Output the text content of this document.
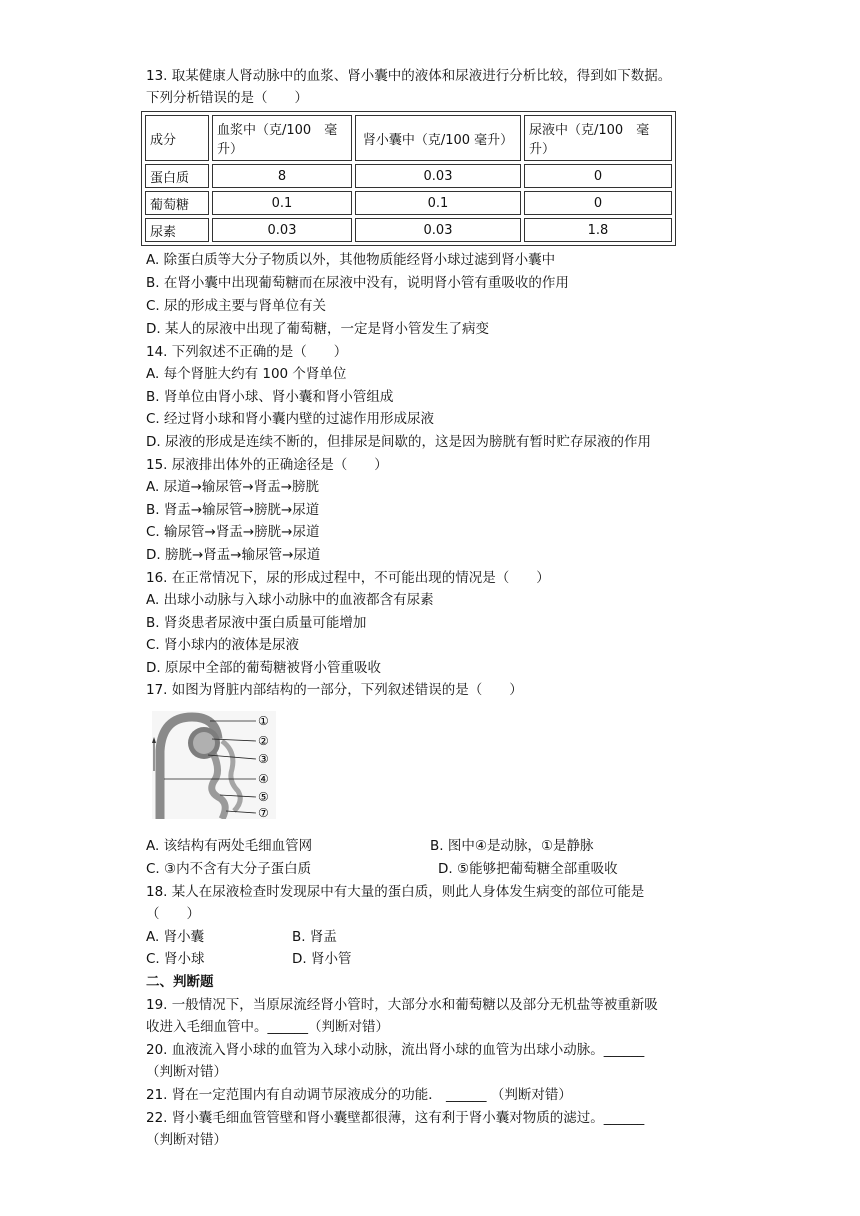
13. 取某健康人肾动脉中的血浆、肾小囊中的液体和尿液进行分析比较，得到如下数据。
下列分析错误的是（　　）
成分	血浆中（克/100　毫
升）	肾小囊中（克/100 毫升）	尿液中（克/100　毫升）
蛋白质	8	0.03	0
葡萄糖	0.1	0.1	0
尿素	0.03	0.03	1.8
A. 除蛋白质等大分子物质以外，其他物质能经肾小球过滤到肾小囊中
B. 在肾小囊中出现葡萄糖而在尿液中没有，说明肾小管有重吸收的作用
C. 尿的形成主要与肾单位有关
D. 某人的尿液中出现了葡萄糖，一定是肾小管发生了病变
14. 下列叙述不正确的是（　　）
A. 每个肾脏大约有 100 个肾单位
B. 肾单位由肾小球、肾小囊和肾小管组成
C. 经过肾小球和肾小囊内壁的过滤作用形成尿液
D. 尿液的形成是连续不断的，但排尿是间歇的，这是因为膀胱有暂时贮存尿液的作用
15. 尿液排出体外的正确途径是（　　）
A. 尿道→输尿管→肾盂→膀胱
B. 肾盂→输尿管→膀胱→尿道
C. 输尿管→肾盂→膀胱→尿道
D. 膀胱→肾盂→输尿管→尿道
16. 在正常情况下，尿的形成过程中，不可能出现的情况是（　　）
A. 出球小动脉与入球小动脉中的血液都含有尿素
B. 肾炎患者尿液中蛋白质量可能增加
C. 肾小球内的液体是尿液
D. 原尿中全部的葡萄糖被肾小管重吸收
17. 如图为肾脏内部结构的一部分，下列叙述错误的是（　　）
①
②
③
④
⑤
⑦
A. 该结构有两处毛细血管网	B. 图中④是动脉，①是静脉
C. ③内不含有大分子蛋白质	D. ⑤能够把葡萄糖全部重吸收
18. 某人在尿液检查时发现尿中有大量的蛋白质，则此人身体发生病变的部位可能是
（　　）
A. 肾小囊	B. 肾盂
C. 肾小球	D. 肾小管
二、判断题
19. 一般情况下，当原尿流经肾小管时，大部分水和葡萄糖以及部分无机盐等被重新吸
收进入毛细血管中。______（判断对错）
20. 血液流入肾小球的血管为入球小动脉，流出肾小球的血管为出球小动脉。______
（判断对错）
21. 肾在一定范围内有自动调节尿液成分的功能． ______ （判断对错）
22. 肾小囊毛细血管管壁和肾小囊壁都很薄，这有利于肾小囊对物质的滤过。______
（判断对错）
